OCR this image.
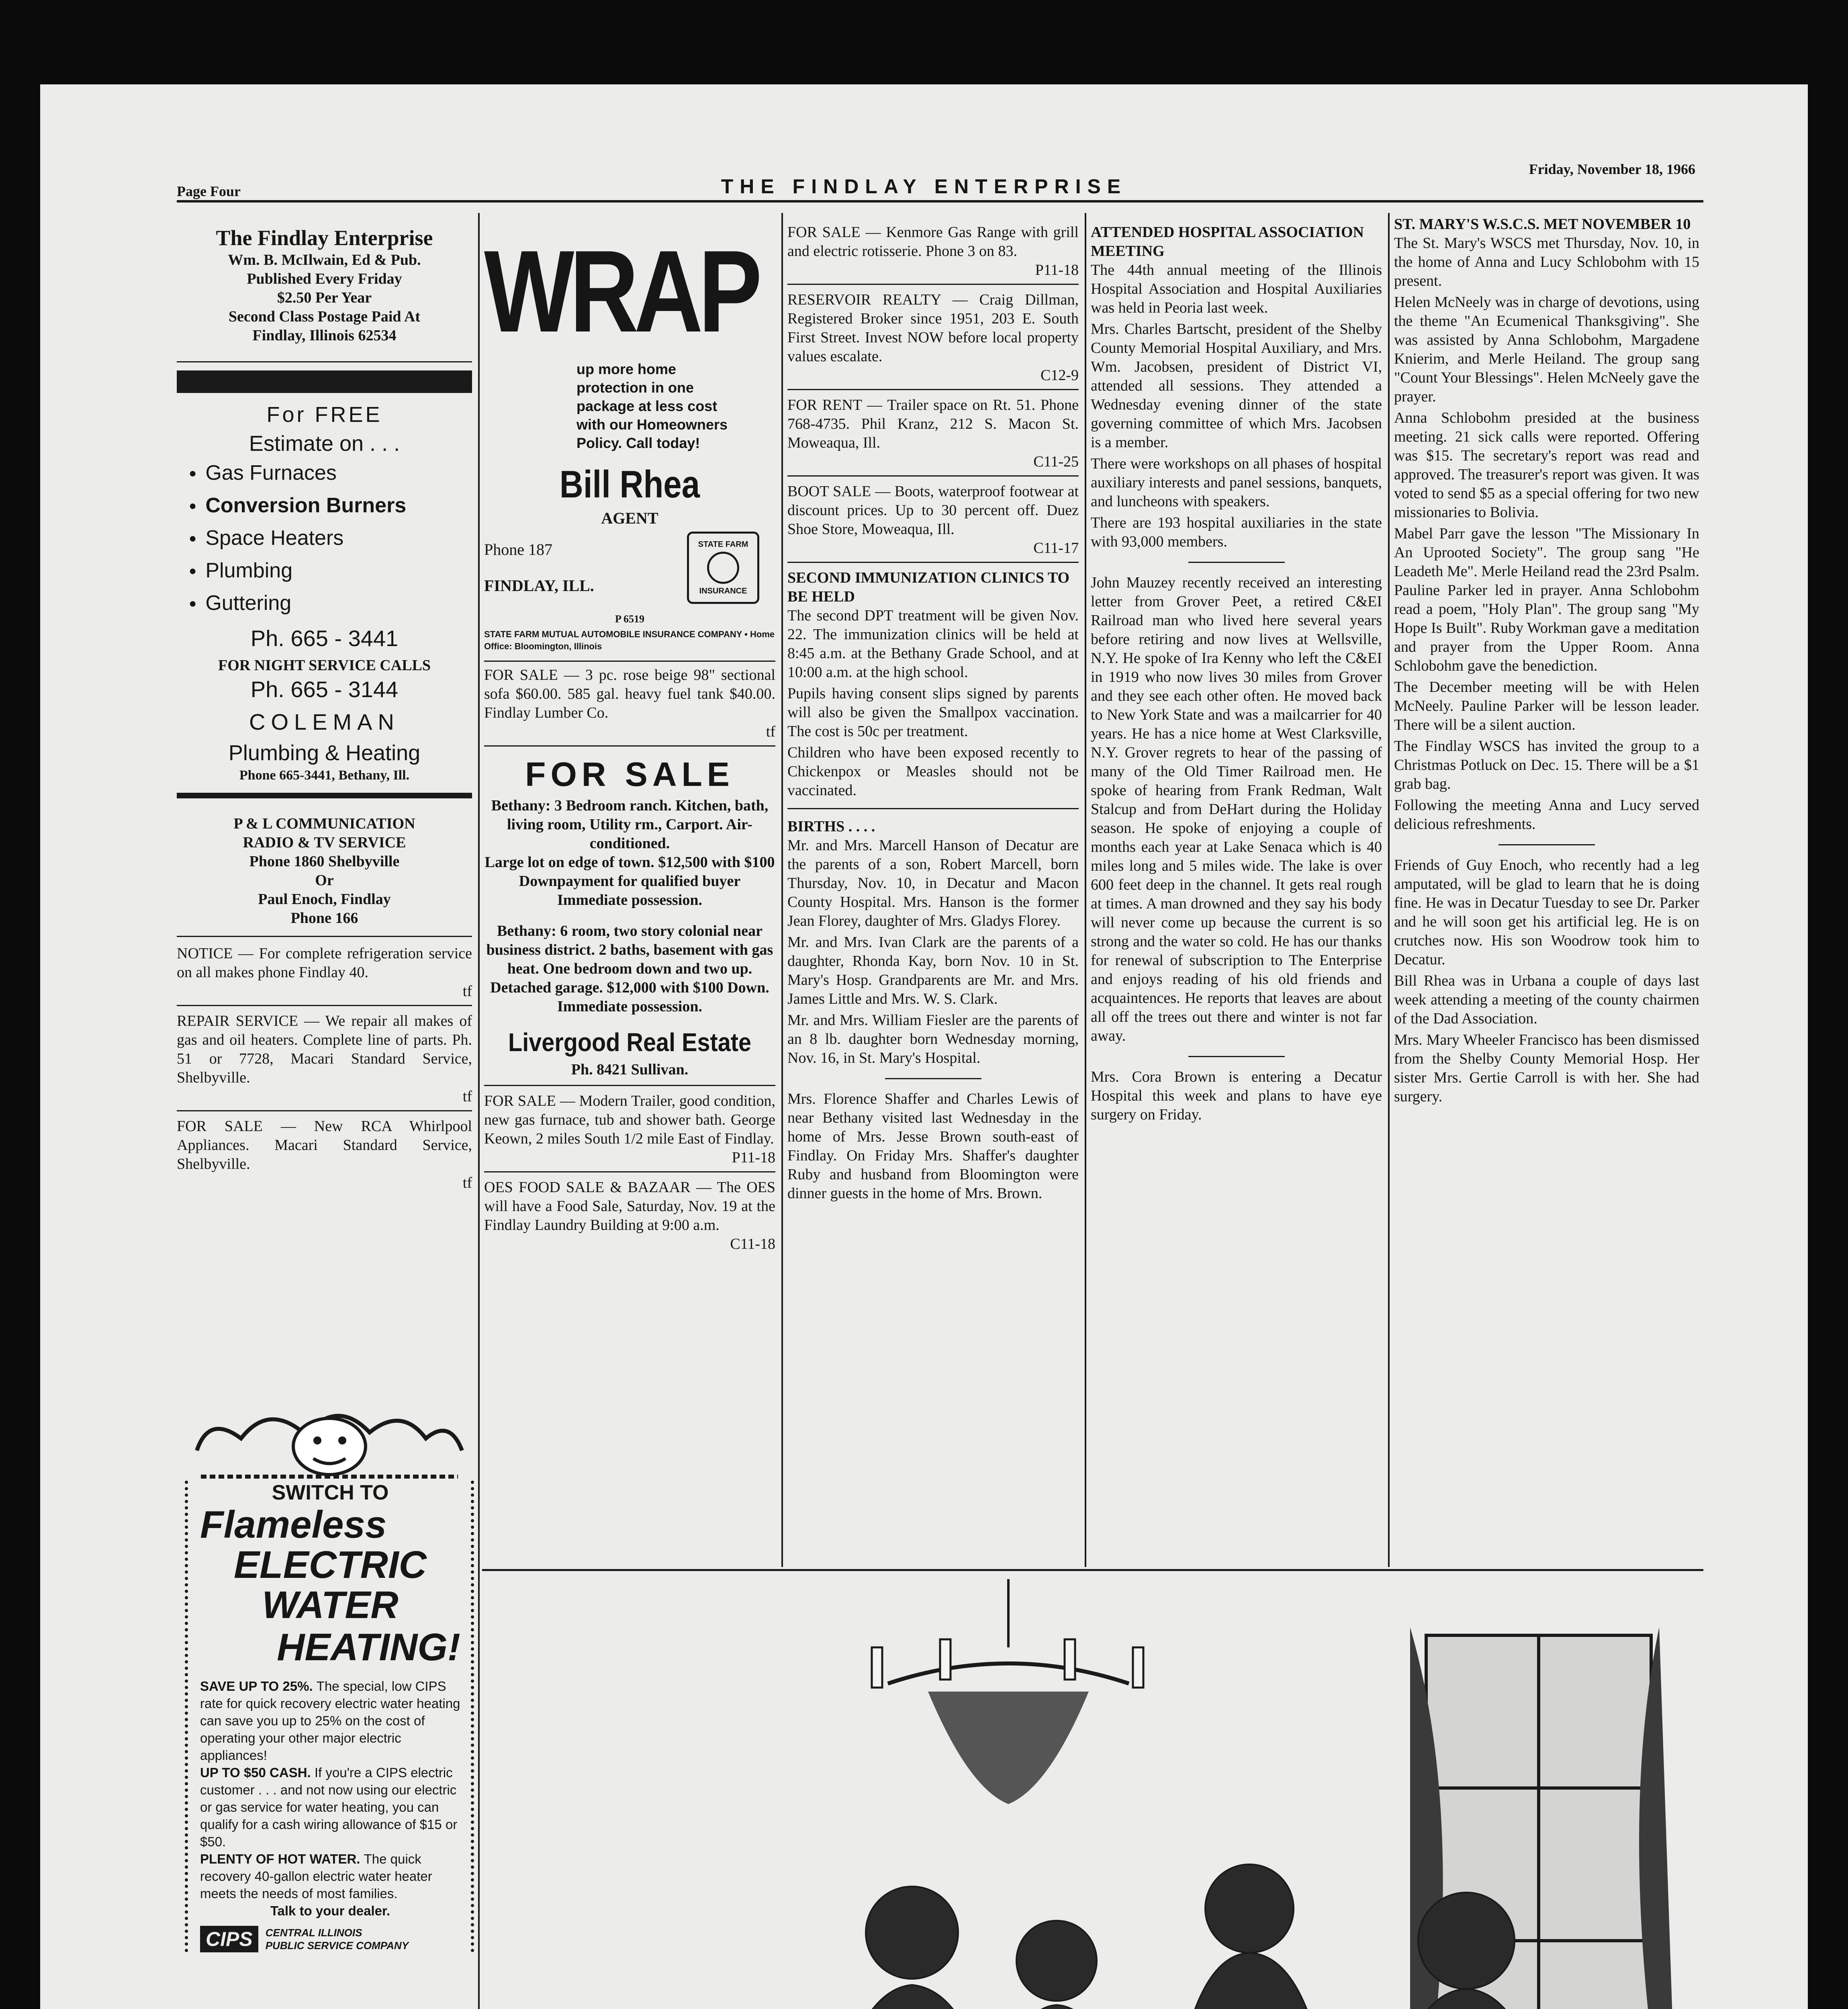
Page Four	THE FINDLAY ENTERPRISE
Friday, November 18, 1966
The Findlay Enterprise
Wm. B. McIlwain, Ed & Pub.
Published Every Friday
$2.50 Per Year
Second Class Postage Paid At
Findlay, Illinois 62534
For FREE
Estimate on . . .
● Gas Furnaces
● Conversion Burners
● Space Heaters
● Plumbing
● Guttering
Ph. 665 - 3441
FOR NIGHT SERVICE CALLS
Ph. 665 - 3144
COLEMAN
Plumbing & Heating
Phone 665-3441, Bethany, Ill.
P & L COMMUNICATION
RADIO & TV SERVICE
Phone 1860 Shelbyville
Or
Paul Enoch, Findlay
Phone 166
NOTICE — For complete refrigeration service on all makes phone Findlay 40.
tf
REPAIR SERVICE — We repair all makes of gas and oil heaters. Complete line of parts. Ph. 51 or 7728, Macari Standard Service, Shelbyville.
tf
FOR SALE — New RCA Whirlpool Appliances. Macari Standard Service, Shelbyville.
tf
SWITCH TO
Flameless
ELECTRIC
WATER
HEATING!

SAVE UP TO 25%. The special, low CIPS rate for quick recovery electric water heating can save you up to 25% on the cost of operating your other major electric appliances!

UP TO $50 CASH. If you're a CIPS electric customer . . . and not now using our electric or gas service for water heating, you can qualify for a cash wiring allowance of $15 or $50.

PLENTY OF HOT WATER. The quick recovery 40-gallon electric water heater meets the needs of most families.

Talk to your dealer.

CIPS	CENTRAL ILLINOIS
PUBLIC SERVICE COMPANY
WRAP
up more home protection in one package at less cost with our Homeowners Policy. Call today!
Bill Rhea
AGENT
Phone 187
FINDLAY, ILL.
STATE FARM
INSURANCE
P 6519
STATE FARM MUTUAL AUTOMOBILE INSURANCE COMPANY • Home Office: Bloomington, Illinois
FOR SALE — 3 pc. rose beige 98" sectional sofa $60.00. 585 gal. heavy fuel tank $40.00. Findlay Lumber Co.
tf
FOR SALE
Bethany: 3 Bedroom ranch. Kitchen, bath, living room, Utility rm., Carport. Air-conditioned.
Large lot on edge of town. $12,500 with $100 Downpayment for qualified buyer Immediate possession.
Bethany: 6 room, two story colonial near business district. 2 baths, basement with gas heat. One bedroom down and two up. Detached garage. $12,000 with $100 Down. Immediate possession.
Livergood Real Estate
Ph. 8421 Sullivan.
FOR SALE — Modern Trailer, good condition, new gas furnace, tub and shower bath. George Keown, 2 miles South 1/2 mile East of Findlay.
P11-18
OES FOOD SALE & BAZAAR — The OES will have a Food Sale, Saturday, Nov. 19 at the Findlay Laundry Building at 9:00 a.m.
C11-18
FOR SALE — Kenmore Gas Range with grill and electric rotisserie. Phone 3 on 83.
P11-18
RESERVOIR REALTY — Craig Dillman, Registered Broker since 1951, 203 E. South First Street. Invest NOW before local property values escalate.
C12-9
FOR RENT — Trailer space on Rt. 51. Phone 768-4735. Phil Kranz, 212 S. Macon St. Moweaqua, Ill.
C11-25
BOOT SALE — Boots, waterproof footwear at discount prices. Up to 30 percent off. Duez Shoe Store, Moweaqua, Ill.
C11-17
SECOND IMMUNIZATION CLINICS TO BE HELD

The second DPT treatment will be given Nov. 22. The immunization clinics will be held at 8:45 a.m. at the Bethany Grade School, and at 10:00 a.m. at the high school.

Pupils having consent slips signed by parents will also be given the Smallpox vaccination. The cost is 50c per treatment.

Children who have been exposed recently to Chickenpox or Measles should not be vaccinated.

BIRTHS . . . .

Mr. and Mrs. Marcell Hanson of Decatur are the parents of a son, Robert Marcell, born Thursday, Nov. 10, in Decatur and Macon County Hospital. Mrs. Hanson is the former Jean Florey, daughter of Mrs. Gladys Florey.

Mr. and Mrs. Ivan Clark are the parents of a daughter, Rhonda Kay, born Nov. 10 in St. Mary's Hosp. Grandparents are Mr. and Mrs. James Little and Mrs. W. S. Clark.

Mr. and Mrs. William Fiesler are the parents of an 8 lb. daughter born Wednesday morning, Nov. 16, in St. Mary's Hospital.

Mrs. Florence Shaffer and Charles Lewis of near Bethany visited last Wednesday in the home of Mrs. Jesse Brown south-east of Findlay. On Friday Mrs. Shaffer's daughter Ruby and husband from Bloomington were dinner guests in the home of Mrs. Brown.

ATTENDED HOSPITAL ASSOCIATION MEETING

The 44th annual meeting of the Illinois Hospital Association and Hospital Auxiliaries was held in Peoria last week.

Mrs. Charles Bartscht, president of the Shelby County Memorial Hospital Auxiliary, and Mrs. Wm. Jacobsen, president of District VI, attended all sessions. They attended a Wednesday evening dinner of the state governing committee of which Mrs. Jacobsen is a member.

There were workshops on all phases of hospital auxiliary interests and panel sessions, banquets, and luncheons with speakers.

There are 193 hospital auxiliaries in the state with 93,000 members.

John Mauzey recently received an interesting letter from Grover Peet, a retired C&EI Railroad man who lived here several years before retiring and now lives at Wellsville, N.Y. He spoke of Ira Kenny who left the C&EI in 1919 who now lives 30 miles from Grover and they see each other often. He moved back to New York State and was a mailcarrier for 40 years. He has a nice home at West Clarksville, N.Y. Grover regrets to hear of the passing of many of the Old Timer Railroad men. He spoke of hearing from Frank Redman, Walt Stalcup and from DeHart during the Holiday season. He spoke of enjoying a couple of months each year at Lake Senaca which is 40 miles long and 5 miles wide. The lake is over 600 feet deep in the channel. It gets real rough at times. A man drowned and they say his body will never come up because the current is so strong and the water so cold. He has our thanks for renewal of subscription to The Enterprise and enjoys reading of his old friends and acquaintences. He reports that leaves are about all off the trees out there and winter is not far away.

Mrs. Cora Brown is entering a Decatur Hospital this week and plans to have eye surgery on Friday.

ST. MARY'S W.S.C.S. MET NOVEMBER 10

The St. Mary's WSCS met Thursday, Nov. 10, in the home of Anna and Lucy Schlobohm with 15 present.

Helen McNeely was in charge of devotions, using the theme "An Ecumenical Thanksgiving". She was assisted by Anna Schlobohm, Margadene Knierim, and Merle Heiland. The group sang "Count Your Blessings". Helen McNeely gave the prayer.

Anna Schlobohm presided at the business meeting. 21 sick calls were reported. Offering was $15. The secretary's report was read and approved. The treasurer's report was given. It was voted to send $5 as a special offering for two new missionaries to Bolivia.

Mabel Parr gave the lesson "The Missionary In An Uprooted Society". The group sang "He Leadeth Me". Merle Heiland read the 23rd Psalm. Pauline Parker led in prayer. Anna Schlobohm read a poem, "Holy Plan". The group sang "My Hope Is Built". Ruby Workman gave a meditation and prayer from the Upper Room. Anna Schlobohm gave the benediction.

The December meeting will be with Helen McNeely. Pauline Parker will be lesson leader. There will be a silent auction.

The Findlay WSCS has invited the group to a Christmas Potluck on Dec. 15. There will be a $1 grab bag.

Following the meeting Anna and Lucy served delicious refreshments.

Friends of Guy Enoch, who recently had a leg amputated, will be glad to learn that he is doing fine. He was in Decatur Tuesday to see Dr. Parker and he will soon get his artificial leg. He is on crutches now. His son Woodrow took him to Decatur.

Bill Rhea was in Urbana a couple of days last week attending a meeting of the county chairmen of the Dad Association.

Mrs. Mary Wheeler Francisco has been dismissed from the Shelby County Memorial Hosp. Her sister Mrs. Gertie Carroll is with her. She had surgery.
